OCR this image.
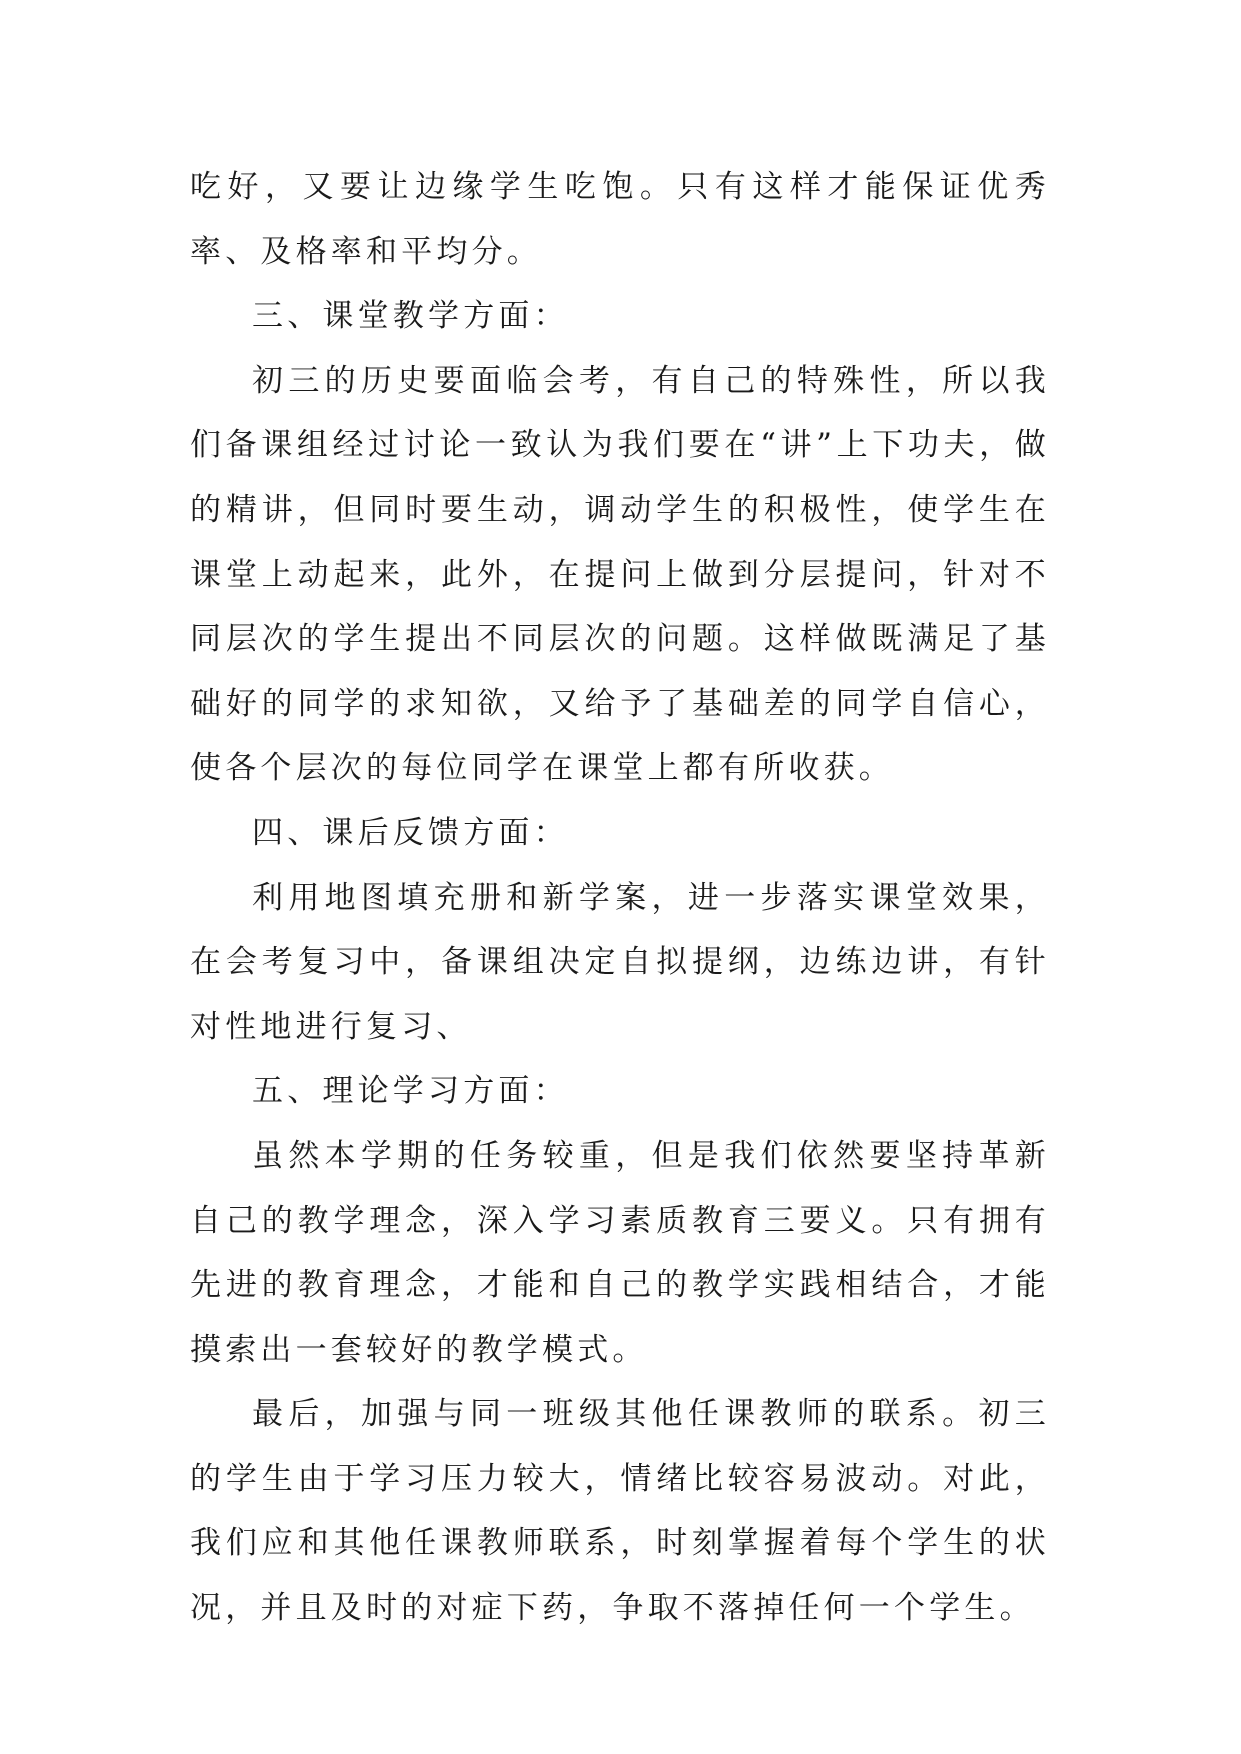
吃好，又要让边缘学生吃饱。只有这样才能保证优秀率、及格率和平均分。

三、课堂教学方面：

初三的历史要面临会考，有自己的特殊性，所以我们备课组经过讨论一致认为我们要在“讲”上下功夫，做的精讲，但同时要生动，调动学生的积极性，使学生在课堂上动起来，此外，在提问上做到分层提问，针对不同层次的学生提出不同层次的问题。这样做既满足了基础好的同学的求知欲，又给予了基础差的同学自信心，使各个层次的每位同学在课堂上都有所收获。

四、课后反馈方面：

利用地图填充册和新学案，进一步落实课堂效果，在会考复习中，备课组决定自拟提纲，边练边讲，有针对性地进行复习、

五、理论学习方面：

虽然本学期的任务较重，但是我们依然要坚持革新自己的教学理念，深入学习素质教育三要义。只有拥有先进的教育理念，才能和自己的教学实践相结合，才能摸索出一套较好的教学模式。

最后，加强与同一班级其他任课教师的联系。初三的学生由于学习压力较大，情绪比较容易波动。对此，我们应和其他任课教师联系，时刻掌握着每个学生的状况，并且及时的对症下药，争取不落掉任何一个学生。
